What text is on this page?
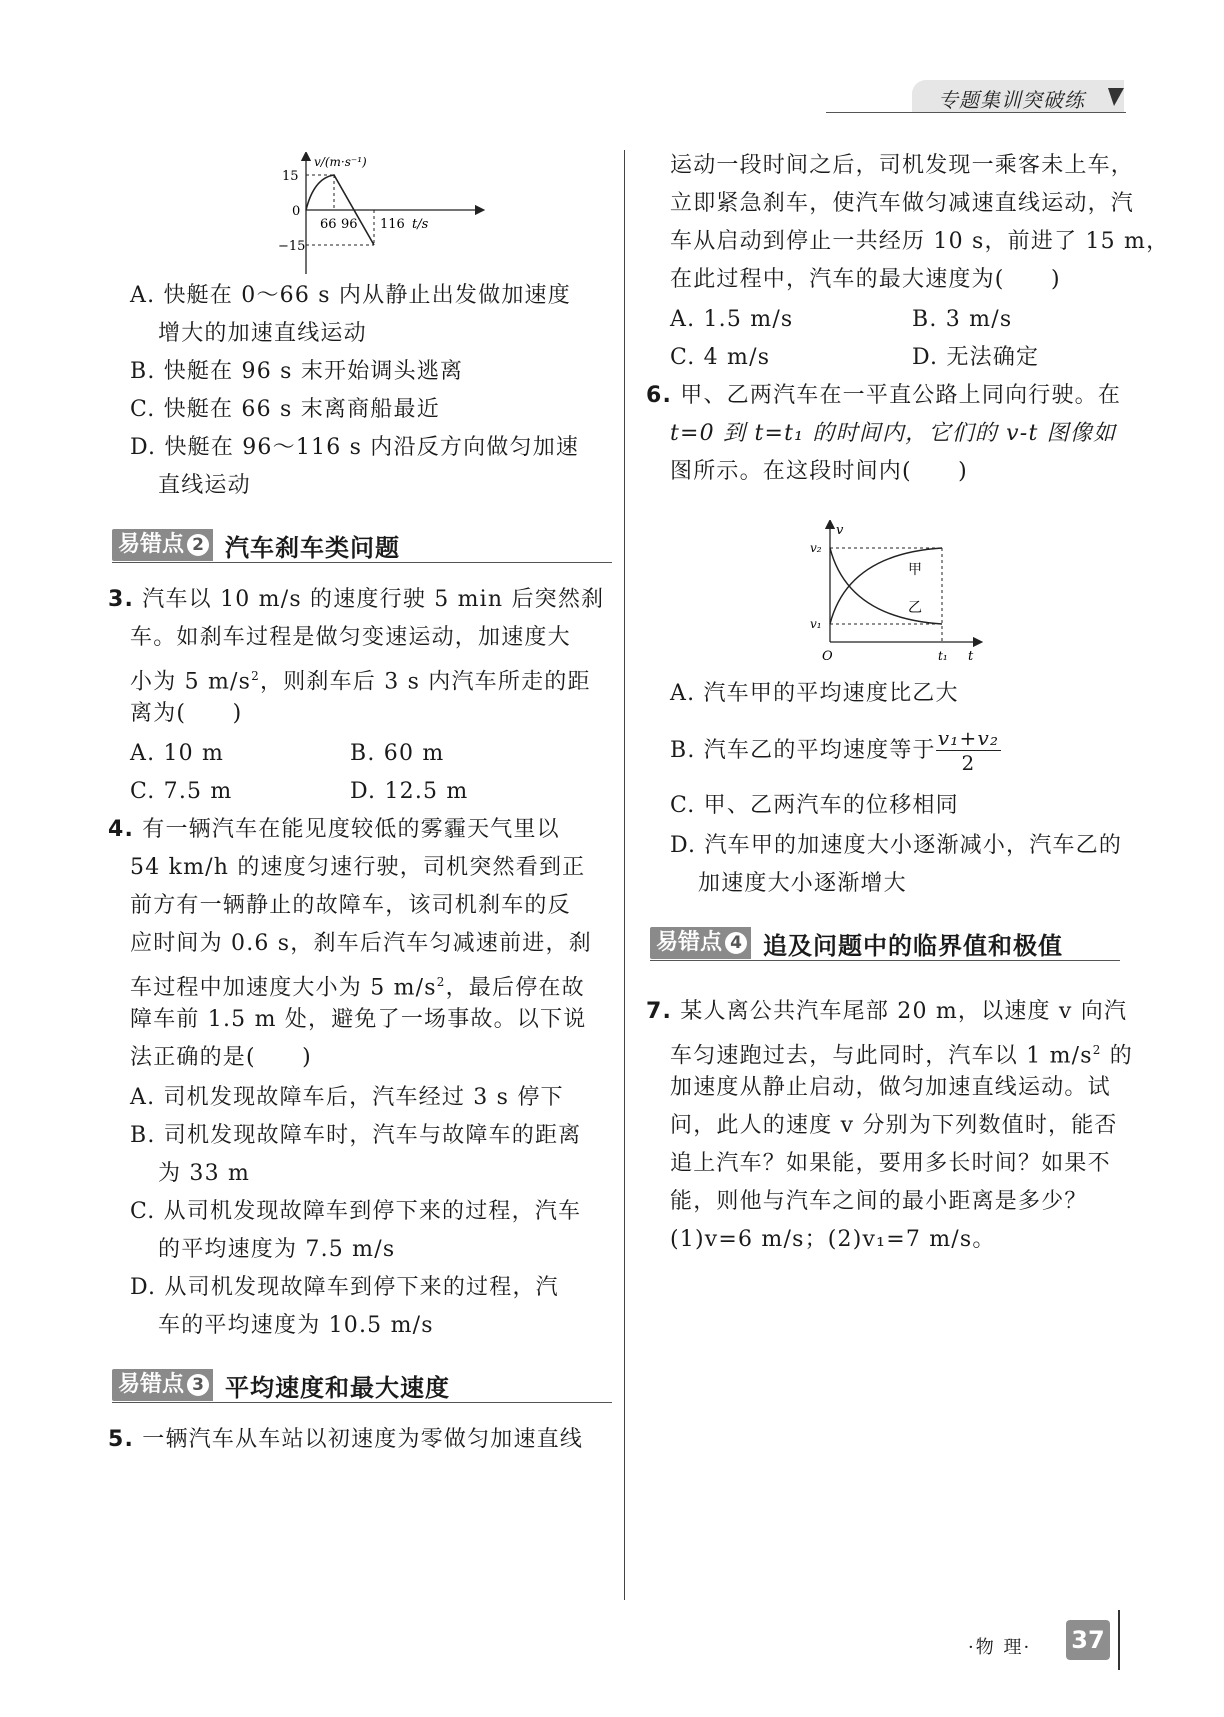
专题集训突破练
v/(m·s⁻¹)
t/s
15
0
−15
66 96 116
A. 快艇在 0～66 s 内从静止出发做加速度
增大的加速直线运动
B. 快艇在 96 s 末开始调头逃离
C. 快艇在 66 s 末离商船最近
D. 快艇在 96～116 s 内沿反方向做匀加速
直线运动
易错点 2 汽车刹车类问题
3. 汽车以 10 m/s 的速度行驶 5 min 后突然刹
车。如刹车过程是做匀变速运动，加速度大
小为 5 $m/s^2$，则刹车后 3 s 内汽车所走的距
离为(　　)
A. 10 m	B. 60 m
C. 7.5 m	D. 12.5 m
4. 有一辆汽车在能见度较低的雾霾天气里以
54 km/h 的速度匀速行驶，司机突然看到正
前方有一辆静止的故障车，该司机刹车的反
应时间为 0.6 s，刹车后汽车匀减速前进，刹
车过程中加速度大小为 5 $m/s^2$，最后停在故
障车前 1.5 m 处，避免了一场事故。以下说
法正确的是(　　)
A. 司机发现故障车后，汽车经过 3 s 停下
B. 司机发现故障车时，汽车与故障车的距离
为 33 m
C. 从司机发现故障车到停下来的过程，汽车
的平均速度为 7.5 m/s
D. 从司机发现故障车到停下来的过程，汽
车的平均速度为 10.5 m/s
易错点 3 平均速度和最大速度
5. 一辆汽车从车站以初速度为零做匀加速直线
运动一段时间之后，司机发现一乘客未上车，
立即紧急刹车，使汽车做匀减速直线运动，汽
车从启动到停止一共经历 10 s，前进了 15 m，
在此过程中，汽车的最大速度为(　　)
A. 1.5 m/s	B. 3 m/s
C. 4 m/s	D. 无法确定
6. 甲、乙两汽车在一平直公路上同向行驶。在
t=0 到 t=t₁ 的时间内，它们的 v-t 图像如
图所示。在这段时间内(　　)
v
t
O	t₁
v₂
v₁
甲
乙
A. 汽车甲的平均速度比乙大
B. 汽车乙的平均速度等于 $\frac{\text{v₁+v₂}}{2}$
C. 甲、乙两汽车的位移相同
D. 汽车甲的加速度大小逐渐减小，汽车乙的
加速度大小逐渐增大
易错点 4 追及问题中的临界值和极值
7. 某人离公共汽车尾部 20 m，以速度 v 向汽
车匀速跑过去，与此同时，汽车以 1 $m/s^2$ 的
加速度从静止启动，做匀加速直线运动。试
问，此人的速度 v 分别为下列数值时，能否
追上汽车？如果能，要用多长时间？如果不
能，则他与汽车之间的最小距离是多少？
(1)v=6 m/s；(2)v₁=7 m/s。
·物 理· 37
